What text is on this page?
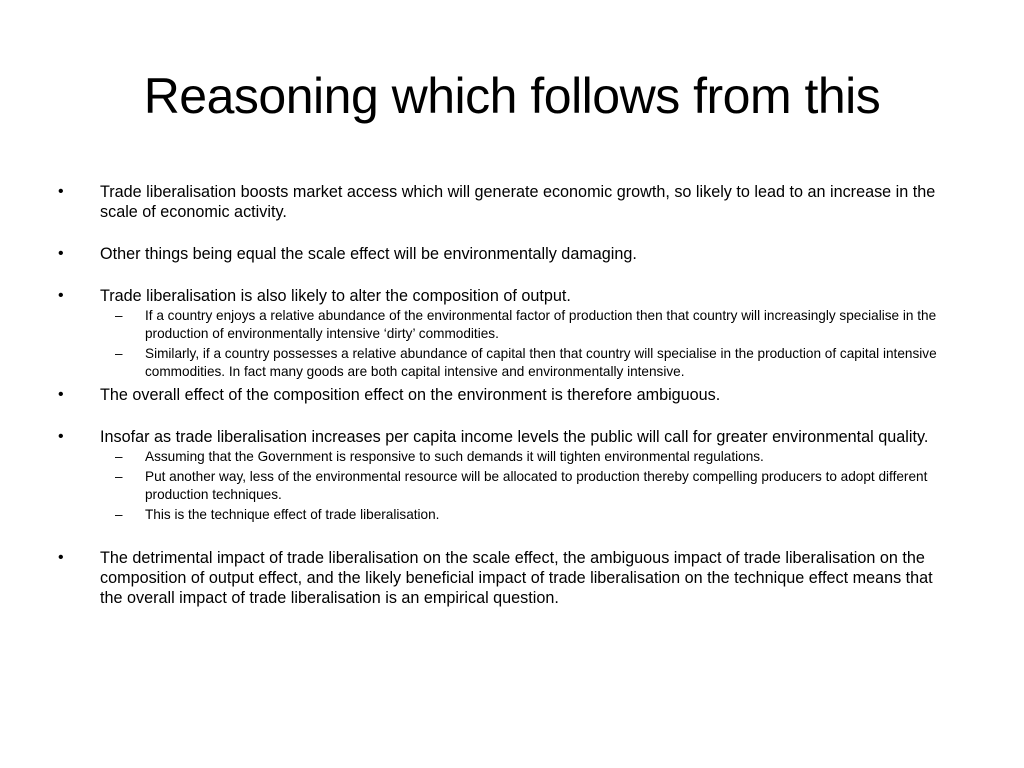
Reasoning which follows from this
• Trade liberalisation boosts market access which will generate economic growth, so likely to lead to an increase in the scale of economic activity.
• Other things being equal the scale effect will be environmentally damaging.
• Trade liberalisation is also likely to alter the composition of output.
– If a country enjoys a relative abundance of the environmental factor of production then that country will increasingly specialise in the production of environmentally intensive ‘dirty’ commodities.
– Similarly, if a country possesses a relative abundance of capital then that country will specialise in the production of capital intensive commodities. In fact many goods are both capital intensive and environmentally intensive.
• The overall effect of the composition effect on the environment is therefore ambiguous.
• Insofar as trade liberalisation increases per capita income levels the public will call for greater environmental quality.
– Assuming that the Government is responsive to such demands it will tighten environmental regulations.
– Put another way, less of the environmental resource will be allocated to production thereby compelling producers to adopt different production techniques.
– This is the technique effect of trade liberalisation.
• The detrimental impact of trade liberalisation on the scale effect, the ambiguous impact of trade liberalisation on the composition of output effect, and the likely beneficial impact of trade liberalisation on the technique effect means that the overall impact of trade liberalisation is an empirical question.
